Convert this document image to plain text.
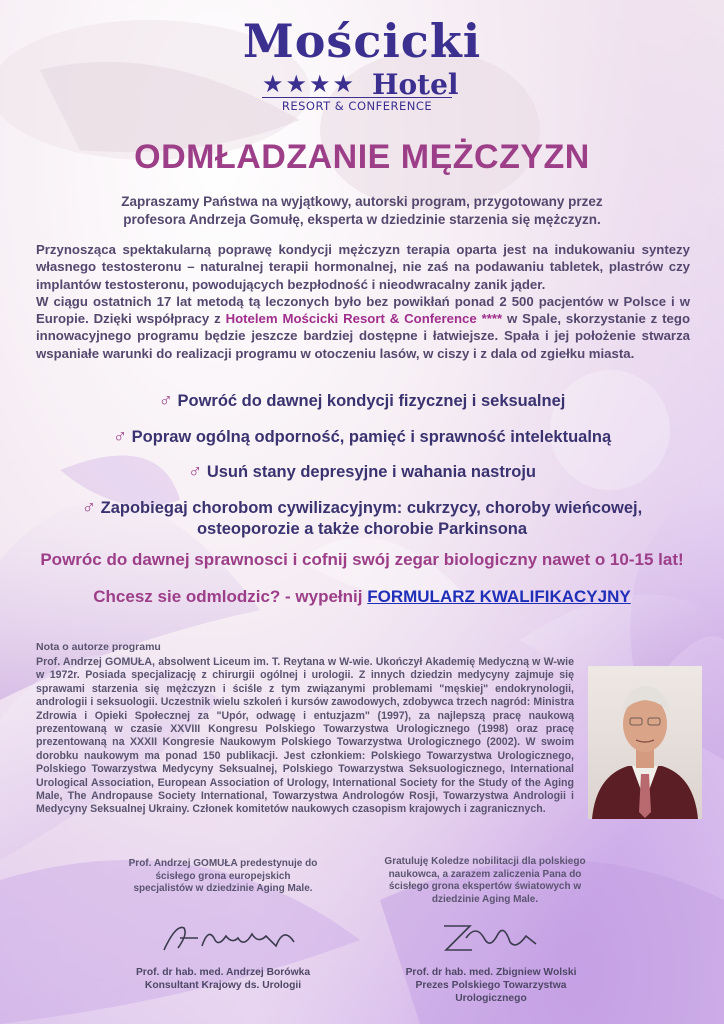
Mościcki
★★★★ Hotel
RESORT & CONFERENCE
ODMŁADZANIE MĘŻCZYZN
Zapraszamy Państwa na wyjątkowy, autorski program, przygotowany przez profesora Andrzeja Gomułę, eksperta w dziedzinie starzenia się mężczyzn.
Przynosząca spektakularną poprawę kondycji mężczyzn terapia oparta jest na indukowaniu syntezy własnego testosteronu – naturalnej terapii hormonalnej, nie zaś na podawaniu tabletek, plastrów czy implantów testosteronu, powodujących bezpłodność i nieodwracalny zanik jąder.
W ciągu ostatnich 17 lat metodą tą leczonych było bez powikłań ponad 2 500 pacjentów w Polsce i w Europie. Dzięki współpracy z Hotelem Mościcki Resort & Conference **** w Spale, skorzystanie z tego innowacyjnego programu będzie jeszcze bardziej dostępne i łatwiejsze. Spała i jej położenie stwarza wspaniałe warunki do realizacji programu w otoczeniu lasów, w ciszy i z dala od zgiełku miasta.
♂ Powróć do dawnej kondycji fizycznej i seksualnej
♂ Popraw ogólną odporność, pamięć i sprawność intelektualną
♂ Usuń stany depresyjne i wahania nastroju
♂ Zapobiegaj chorobom cywilizacyjnym: cukrzycy, choroby wieńcowej,
osteoporozie a także chorobie Parkinsona
Powróc do dawnej sprawnosci i cofnij swój zegar biologiczny nawet o 10-15 lat!
Chcesz sie odmlodzic? - wypełnij FORMULARZ KWALIFIKACYJNY
Nota o autorze programu
Prof. Andrzej GOMUŁA, absolwent Liceum im. T. Reytana w W-wie. Ukończył Akademię Medyczną w W-wie w 1972r. Posiada specjalizację z chirurgii ogólnej i urologii. Z innych dziedzin medycyny zajmuje się sprawami starzenia się mężczyzn i ściśle z tym związanymi problemami "męskiej" endokrynologii, andrologii i seksuologii. Uczestnik wielu szkoleń i kursów zawodowych, zdobywca trzech nagród: Ministra Zdrowia i Opieki Społecznej za "Upór, odwagę i entuzjazm" (1997), za najlepszą pracę naukową prezentowaną w czasie XXVIII Kongresu Polskiego Towarzystwa Urologicznego (1998) oraz pracę prezentowaną na XXXII Kongresie Naukowym Polskiego Towarzystwa Urologicznego (2002). W swoim dorobku naukowym ma ponad 150 publikacji. Jest członkiem: Polskiego Towarzystwa Urologicznego, Polskiego Towarzystwa Medycyny Seksualnej, Polskiego Towarzystwa Seksuologicznego, International Urological Association, European Association of Urology, International Society for the Study of the Aging Male, The Andropause Society International, Towarzystwa Andrologów Rosji, Towarzystwa Andrologii i Medycyny Seksualnej Ukrainy. Członek komitetów naukowych czasopism krajowych i zagranicznych.
Prof. Andrzej GOMUŁA predestynuje do ścisłego grona europejskich specjalistów w dziedzinie Aging Male.
Gratuluję Koledze nobilitacji dla polskiego naukowca, a zarazem zaliczenia Pana do ścisłego grona ekspertów światowych w dziedzinie Aging Male.
Prof. dr hab. med. Andrzej Borówka
Konsultant Krajowy ds. Urologii
Prof. dr hab. med. Zbigniew Wolski
Prezes Polskiego Towarzystwa Urologicznego
